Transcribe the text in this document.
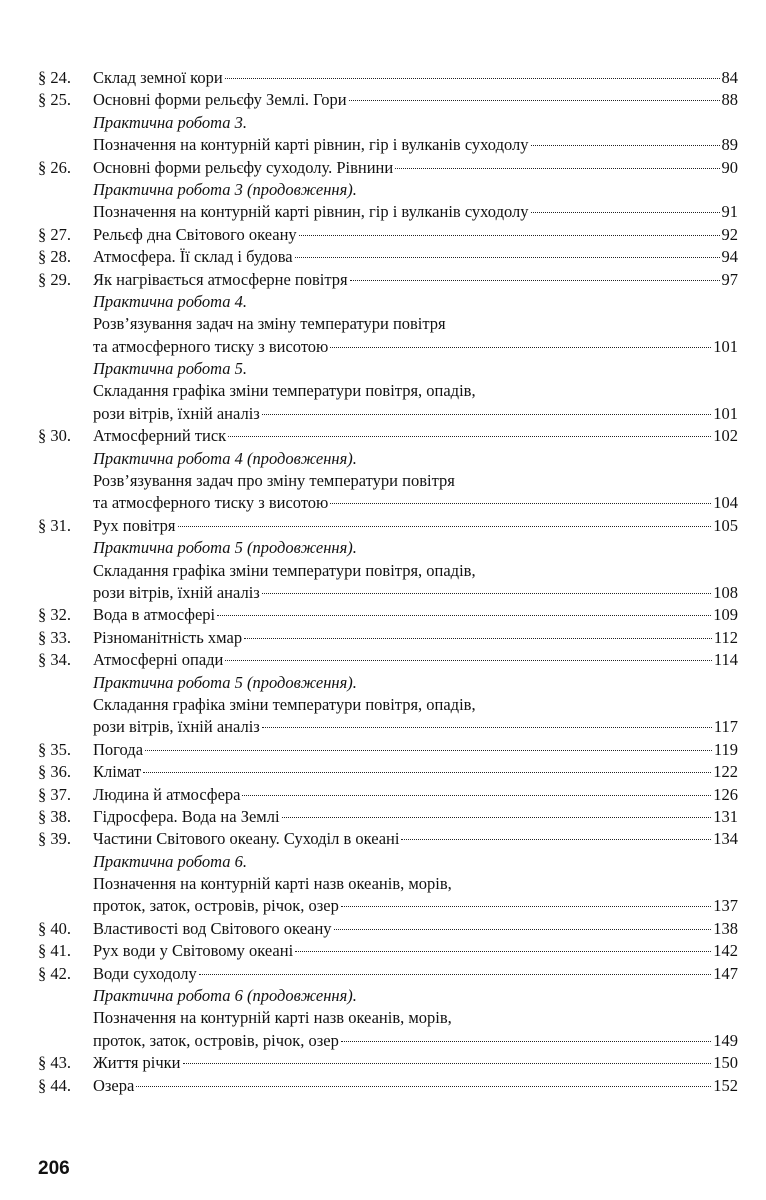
§ 24.	Склад земної кори	84
§ 25.	Основні форми рельєфу Землі. Гори	88
Практична робота 3.
Позначення на контурній карті рівнин, гір і вулканів суходолу	89
§ 26.	Основні форми рельєфу суходолу. Рівнини	90
Практична робота 3 (продовження).
Позначення на контурній карті рівнин, гір і вулканів суходолу	91
§ 27.	Рельєф дна Світового океану	92
§ 28.	Атмосфера. Її склад і будова	94
§ 29.	Як нагрівається атмосферне повітря	97
Практична робота 4.
Розв’язування задач на зміну температури повітря
та атмосферного тиску з висотою	101
Практична робота 5.
Складання графіка зміни температури повітря, опадів,
рози вітрів, їхній аналіз	101
§ 30.	Атмосферний тиск	102
Практична робота 4 (продовження).
Розв’язування задач про зміну температури повітря
та атмосферного тиску з висотою	104
§ 31.	Рух повітря	105
Практична робота 5 (продовження).
Складання графіка зміни температури повітря, опадів,
рози вітрів, їхній аналіз	108
§ 32.	Вода в атмосфері	109
§ 33.	Різноманітність хмар	112
§ 34.	Атмосферні опади	114
Практична робота 5 (продовження).
Складання графіка зміни температури повітря, опадів,
рози вітрів, їхній аналіз	117
§ 35.	Погода	119
§ 36.	Клімат	122
§ 37.	Людина й атмосфера	126
§ 38.	Гідросфера. Вода на Землі	131
§ 39.	Частини Світового океану. Суходіл в океані	134
Практична робота 6.
Позначення на контурній карті назв океанів, морів,
проток, заток, островів, річок, озер	137
§ 40.	Властивості вод Світового океану	138
§ 41.	Рух води у Світовому океані	142
§ 42.	Води суходолу	147
Практична робота 6 (продовження).
Позначення на контурній карті назв океанів, морів,
проток, заток, островів, річок, озер	149
§ 43.	Життя річки	150
§ 44.	Озера	152
206
